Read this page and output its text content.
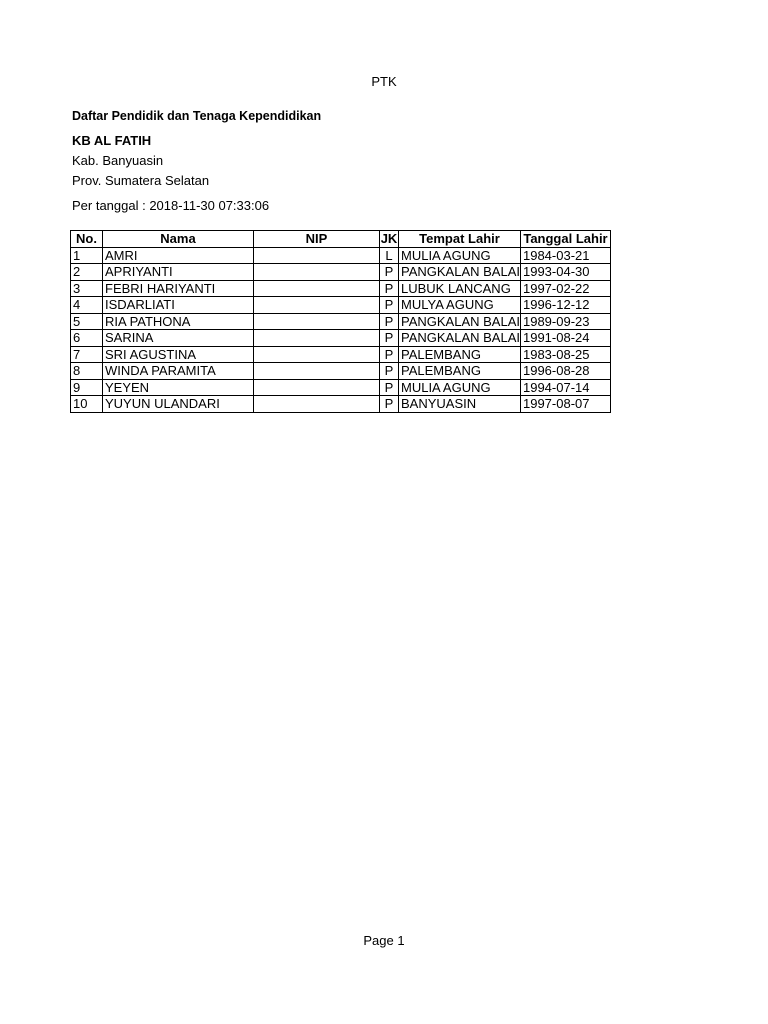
PTK
Daftar Pendidik dan Tenaga Kependidikan
KB AL FATIH
Kab. Banyuasin
Prov. Sumatera Selatan
Per tanggal : 2018-11-30 07:33:06
No.	Nama	NIP	JK	Tempat Lahir	Tanggal Lahir
1	AMRI		L	MULIA AGUNG	1984-03-21
2	APRIYANTI		P	PANGKALAN BALAI	1993-04-30
3	FEBRI HARIYANTI		P	LUBUK LANCANG	1997-02-22
4	ISDARLIATI		P	MULYA AGUNG	1996-12-12
5	RIA PATHONA		P	PANGKALAN BALAI	1989-09-23
6	SARINA		P	PANGKALAN BALAI	1991-08-24
7	SRI AGUSTINA		P	PALEMBANG	1983-08-25
8	WINDA PARAMITA		P	PALEMBANG	1996-08-28
9	YEYEN		P	MULIA AGUNG	1994-07-14
10	YUYUN ULANDARI		P	BANYUASIN	1997-08-07
Page 1
